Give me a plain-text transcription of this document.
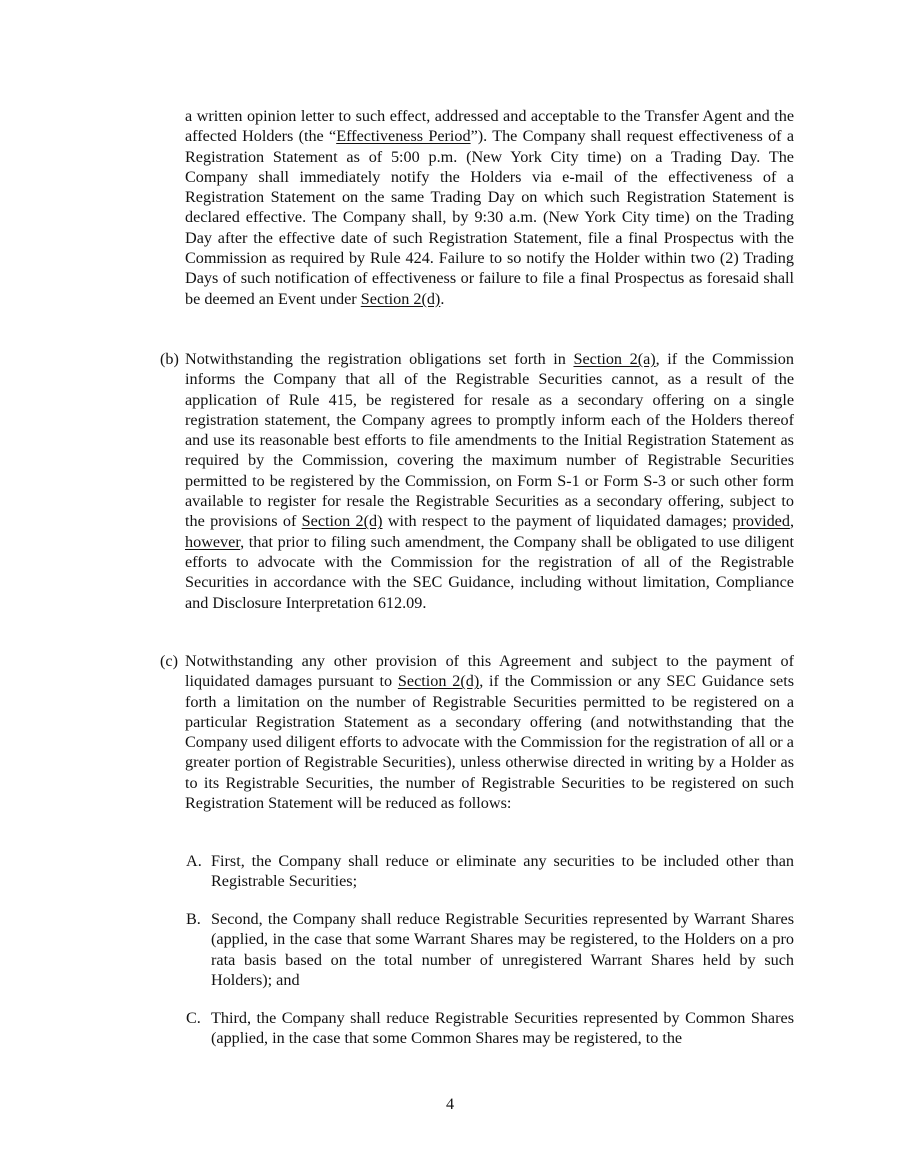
a written opinion letter to such effect, addressed and acceptable to the Transfer Agent and the affected Holders (the “Effectiveness Period”). The Company shall request effectiveness of a Registration Statement as of 5:00 p.m. (New York City time) on a Trading Day. The Company shall immediately notify the Holders via e-mail of the effectiveness of a Registration Statement on the same Trading Day on which such Registration Statement is declared effective. The Company shall, by 9:30 a.m. (New York City time) on the Trading Day after the effective date of such Registration Statement, file a final Prospectus with the Commission as required by Rule 424. Failure to so notify the Holder within two (2) Trading Days of such notification of effectiveness or failure to file a final Prospectus as foresaid shall be deemed an Event under Section 2(d).
(b) Notwithstanding the registration obligations set forth in Section 2(a), if the Commission informs the Company that all of the Registrable Securities cannot, as a result of the application of Rule 415, be registered for resale as a secondary offering on a single registration statement, the Company agrees to promptly inform each of the Holders thereof and use its reasonable best efforts to file amendments to the Initial Registration Statement as required by the Commission, covering the maximum number of Registrable Securities permitted to be registered by the Commission, on Form S-1 or Form S-3 or such other form available to register for resale the Registrable Securities as a secondary offering, subject to the provisions of Section 2(d) with respect to the payment of liquidated damages; provided, however, that prior to filing such amendment, the Company shall be obligated to use diligent efforts to advocate with the Commission for the registration of all of the Registrable Securities in accordance with the SEC Guidance, including without limitation, Compliance and Disclosure Interpretation 612.09.
(c) Notwithstanding any other provision of this Agreement and subject to the payment of liquidated damages pursuant to Section 2(d), if the Commission or any SEC Guidance sets forth a limitation on the number of Registrable Securities permitted to be registered on a particular Registration Statement as a secondary offering (and notwithstanding that the Company used diligent efforts to advocate with the Commission for the registration of all or a greater portion of Registrable Securities), unless otherwise directed in writing by a Holder as to its Registrable Securities, the number of Registrable Securities to be registered on such Registration Statement will be reduced as follows:
A. First, the Company shall reduce or eliminate any securities to be included other than Registrable Securities;
B. Second, the Company shall reduce Registrable Securities represented by Warrant Shares (applied, in the case that some Warrant Shares may be registered, to the Holders on a pro rata basis based on the total number of unregistered Warrant Shares held by such Holders); and
C. Third, the Company shall reduce Registrable Securities represented by Common Shares (applied, in the case that some Common Shares may be registered, to the
4
